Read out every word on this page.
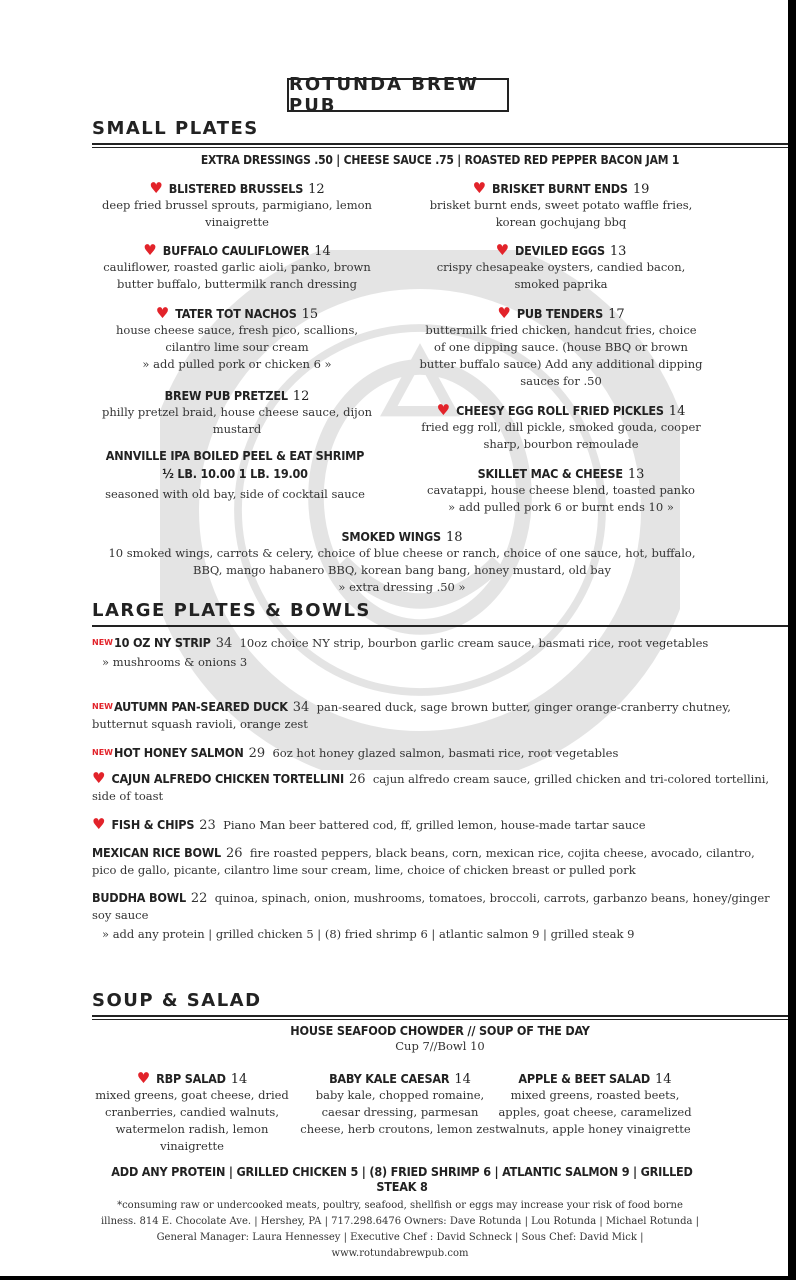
ROTUNDA BREW PUB
SMALL PLATES
EXTRA DRESSINGS .50 | CHEESE SAUCE .75 | ROASTED RED PEPPER BACON JAM 1
♥ BLISTERED BRUSSELS 12
deep fried brussel sprouts, parmigiano, lemon vinaigrette
♥ BUFFALO CAULIFLOWER 14
cauliflower, roasted garlic aioli, panko, brown butter buffalo, buttermilk ranch dressing
♥ TATER TOT NACHOS 15
house cheese sauce, fresh pico, scallions, cilantro lime sour cream
» add pulled pork or chicken 6 »
BREW PUB PRETZEL 12
philly pretzel braid, house cheese sauce, dijon mustard
ANNVILLE IPA BOILED PEEL & EAT SHRIMP ½ LB. 10.00 1 LB. 19.00
seasoned with old bay, side of cocktail sauce
♥ BRISKET BURNT ENDS 19
brisket burnt ends, sweet potato waffle fries, korean gochujang bbq
♥ DEVILED EGGS 13
crispy chesapeake oysters, candied bacon, smoked paprika
♥ PUB TENDERS 17
buttermilk fried chicken, handcut fries, choice of one dipping sauce. (house BBQ or brown butter buffalo sauce) Add any additional dipping sauces for .50
♥ CHEESY EGG ROLL FRIED PICKLES 14
fried egg roll, dill pickle, smoked gouda, cooper sharp, bourbon remoulade
SKILLET MAC & CHEESE 13
cavatappi, house cheese blend, toasted panko
» add pulled pork 6 or burnt ends 10 »
SMOKED WINGS 18
10 smoked wings, carrots & celery, choice of blue cheese or ranch, choice of one sauce, hot, buffalo, BBQ, mango habanero BBQ, korean bang bang, honey mustard, old bay
» extra dressing .50 »
LARGE PLATES & BOWLS
$^{NEW}$10 OZ NY STRIP 34 10oz choice NY strip, bourbon garlic cream sauce, basmati rice, root vegetables
» mushrooms & onions 3
$^{NEW}$AUTUMN PAN-SEARED DUCK 34 pan-seared duck, sage brown butter, ginger orange-cranberry chutney, butternut squash ravioli, orange zest
$^{NEW}$HOT HONEY SALMON 29 6oz hot honey glazed salmon, basmati rice, root vegetables
♥ CAJUN ALFREDO CHICKEN TORTELLINI 26 cajun alfredo cream sauce, grilled chicken and tri-colored tortellini, side of toast
♥ FISH & CHIPS 23 Piano Man beer battered cod, ff, grilled lemon, house-made tartar sauce
MEXICAN RICE BOWL 26 fire roasted peppers, black beans, corn, mexican rice, cojita cheese, avocado, cilantro, pico de gallo, picante, cilantro lime sour cream, lime, choice of chicken breast or pulled pork
BUDDHA BOWL 22 quinoa, spinach, onion, mushrooms, tomatoes, broccoli, carrots, garbanzo beans, honey/ginger soy sauce
» add any protein | grilled chicken 5 | (8) fried shrimp 6 | atlantic salmon 9 | grilled steak 9
SOUP & SALAD
HOUSE SEAFOOD CHOWDER // SOUP OF THE DAY
Cup 7//Bowl 10
♥ RBP SALAD 14
mixed greens, goat cheese, dried cranberries, candied walnuts, watermelon radish, lemon vinaigrette
BABY KALE CAESAR 14
baby kale, chopped romaine, caesar dressing, parmesan cheese, herb croutons, lemon zest
APPLE & BEET SALAD 14
mixed greens, roasted beets, apples, goat cheese, caramelized walnuts, apple honey vinaigrette
ADD ANY PROTEIN | GRILLED CHICKEN 5 | (8) FRIED SHRIMP 6 | ATLANTIC SALMON 9 | GRILLED STEAK 8
*consuming raw or undercooked meats, poultry, seafood, shellfish or eggs may increase your risk of food borne illness. 814 E. Chocolate Ave. | Hershey, PA | 717.298.6476 Owners: Dave Rotunda | Lou Rotunda | Michael Rotunda | General Manager: Laura Hennessey | Executive Chef : David Schneck | Sous Chef: David Mick | www.rotundabrewpub.com
